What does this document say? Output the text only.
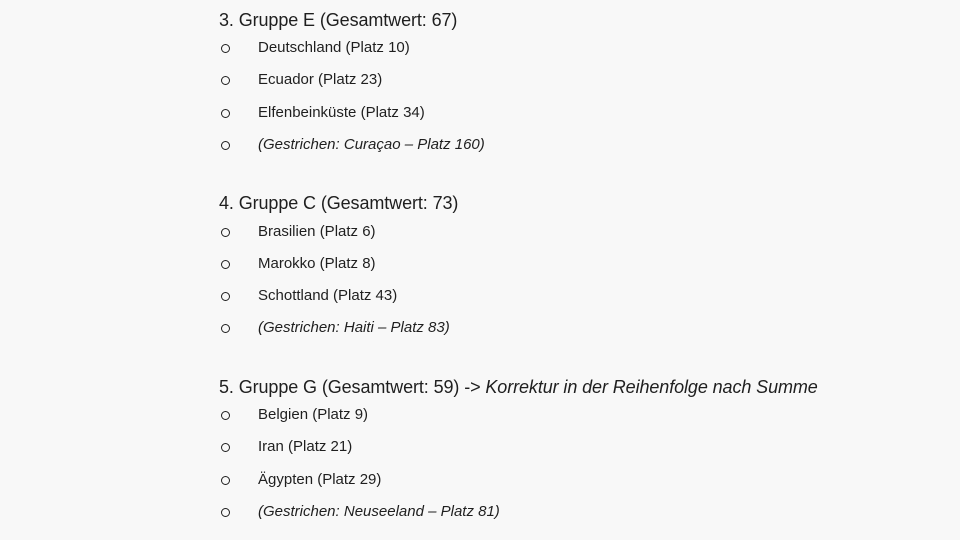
3. Gruppe E (Gesamtwert: 67)
Deutschland (Platz 10)
Ecuador (Platz 23)
Elfenbeinküste (Platz 34)
(Gestrichen: Curaçao – Platz 160)
4. Gruppe C (Gesamtwert: 73)
Brasilien (Platz 6)
Marokko (Platz 8)
Schottland (Platz 43)
(Gestrichen: Haiti – Platz 83)
5. Gruppe G (Gesamtwert: 59) -> Korrektur in der Reihenfolge nach Summe
Belgien (Platz 9)
Iran (Platz 21)
Ägypten (Platz 29)
(Gestrichen: Neuseeland – Platz 81)
